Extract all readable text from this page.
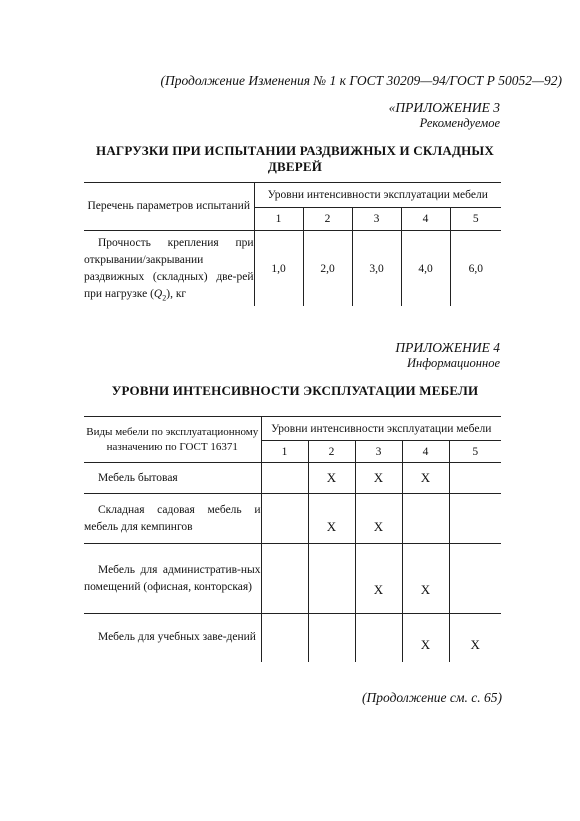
(Продолжение Изменения № 1 к ГОСТ 30209—94/ГОСТ Р 50052—92)
«ПРИЛОЖЕНИЕ 3
Рекомендуемое
НАГРУЗКИ ПРИ ИСПЫТАНИИ РАЗДВИЖНЫХ И СКЛАДНЫХ ДВЕРЕЙ
Перечень параметров испытаний	Уровни интенсивности эксплуатации мебели				
	1	2	3	4	5
Прочность крепления при открывании/закрывании раздвижных (складных) две-рей при нагрузке $(Q_2)$, кг	1,0	2,0	3,0	4,0	6,0
ПРИЛОЖЕНИЕ 4
Информационное
УРОВНИ ИНТЕНСИВНОСТИ ЭКСПЛУАТАЦИИ МЕБЕЛИ
Виды мебели по эксплуатационному назначению по ГОСТ 16371	Уровни интенсивности эксплуатации мебели				
	1	2	3	4	5
Мебель бытовая		X	X	X	
Складная садовая мебель и мебель для кемпингов		X	X		
Мебель для административ-ных помещений (офисная, конторская)			X	X	
Мебель для учебных заве-дений				X	X
(Продолжение см. с. 65)
